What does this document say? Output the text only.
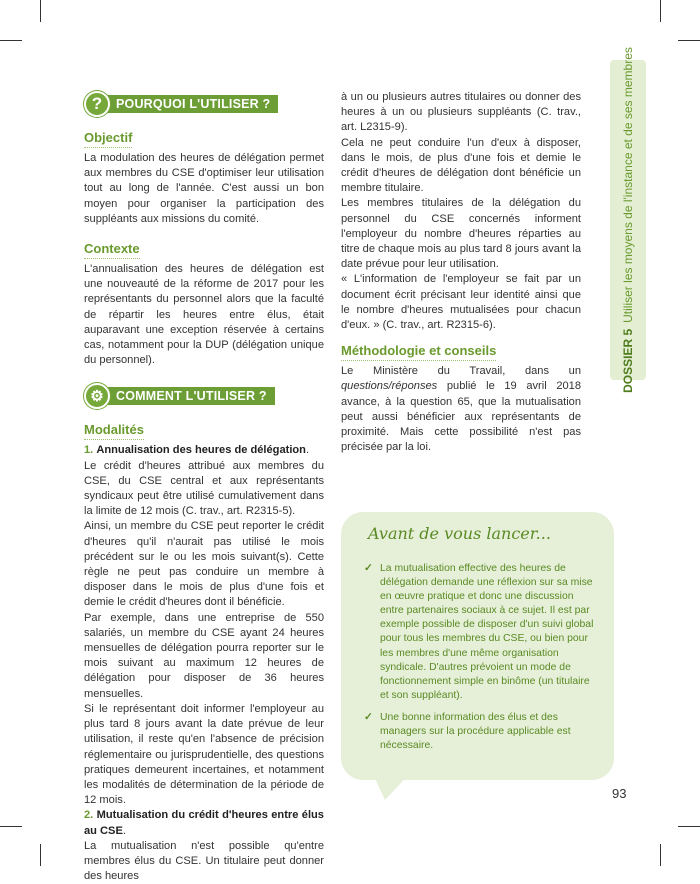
DOSSIER 5Utiliser les moyens de l'instance et de ses membres
?	POURQUOI L'UTILISER ?
Objectif

La modulation des heures de délégation permet aux membres du CSE d'optimiser leur utilisation tout au long de l'année. C'est aussi un bon moyen pour organiser la participation des suppléants aux missions du comité.

Contexte

L'annualisation des heures de délégation est une nouveauté de la réforme de 2017 pour les représentants du personnel alors que la faculté de répartir les heures entre élus, était auparavant une exception réservée à certains cas, notamment pour la DUP (délégation unique du personnel).

⚙ COMMENT L'UTILISER ?
Modalités

1. Annualisation des heures de délégation.

Le crédit d'heures attribué aux membres du CSE, du CSE central et aux représentants syndicaux peut être utilisé cumulativement dans la limite de 12 mois (C. trav., art. R2315-5).

Ainsi, un membre du CSE peut reporter le crédit d'heures qu'il n'aurait pas utilisé le mois précédent sur le ou les mois suivant(s). Cette règle ne peut pas conduire un membre à disposer dans le mois de plus d'une fois et demie le crédit d'heures dont il bénéficie.

Par exemple, dans une entreprise de 550 salariés, un membre du CSE ayant 24 heures mensuelles de délégation pourra reporter sur le mois suivant au maximum 12 heures de délégation pour disposer de 36 heures mensuelles.

Si le représentant doit informer l'employeur au plus tard 8 jours avant la date prévue de leur utilisation, il reste qu'en l'absence de précision réglementaire ou jurisprudentielle, des questions pratiques demeurent incertaines, et notamment les modalités de détermination de la période de 12 mois.

2. Mutualisation du crédit d'heures entre élus au CSE.

La mutualisation n'est possible qu'entre membres élus du CSE. Un titulaire peut donner des heures

à un ou plusieurs autres titulaires ou donner des heures à un ou plusieurs suppléants (C. trav., art. L2315-9).

Cela ne peut conduire l'un d'eux à disposer, dans le mois, de plus d'une fois et demie le crédit d'heures de délégation dont bénéficie un membre titulaire.

Les membres titulaires de la délégation du personnel du CSE concernés informent l'employeur du nombre d'heures réparties au titre de chaque mois au plus tard 8 jours avant la date prévue pour leur utilisation.

« L'information de l'employeur se fait par un document écrit précisant leur identité ainsi que le nombre d'heures mutualisées pour chacun d'eux. » (C. trav., art. R2315-6).

Méthodologie et conseils

Le Ministère du Travail, dans un questions/réponses publié le 19 avril 2018 avance, à la question 65, que la mutualisation peut aussi bénéficier aux représentants de proximité. Mais cette possibilité n'est pas précisée par la loi.

Avant de vous lancer...
✓ La mutualisation effective des heures de délégation demande une réflexion sur sa mise en œuvre pratique et donc une discussion entre partenaires sociaux à ce sujet. Il est par exemple possible de disposer d'un suivi global pour tous les membres du CSE, ou bien pour les membres d'une même organisation syndicale. D'autres prévoient un mode de fonctionnement simple en binôme (un titulaire et son suppléant).
✓ Une bonne information des élus et des managers sur la procédure applicable est nécessaire.
93
